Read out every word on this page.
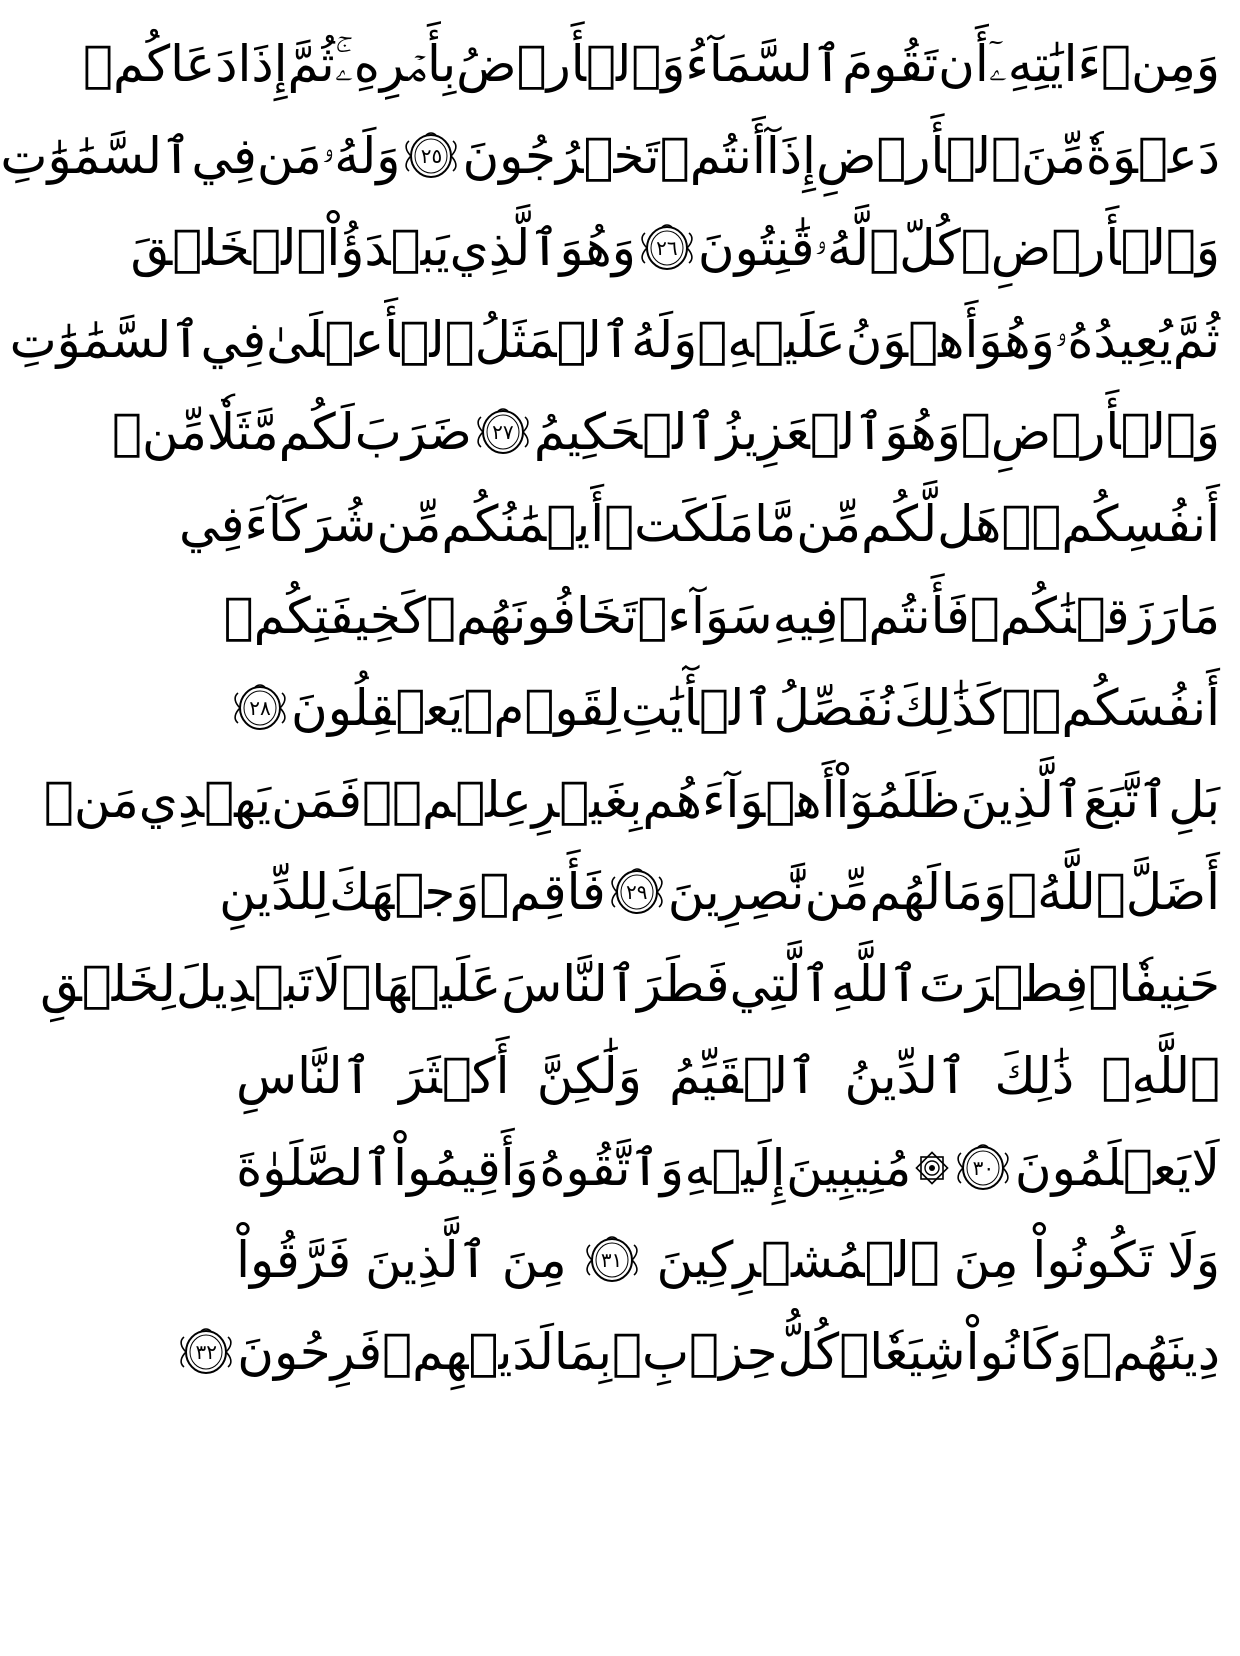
وَمِنۡ
ءَايَٰتِهِۦٓ
أَن
تَقُومَ
ٱلسَّمَآءُ
وَٱلۡأَرۡضُ
بِأَمۡرِهِۦۚ
ثُمَّ
إِذَا
دَعَاكُمۡ
دَعۡوَةٗ
مِّنَ
ٱلۡأَرۡضِ
إِذَآ
أَنتُمۡ
تَخۡرُجُونَ
٢٥
وَلَهُۥ
مَن
فِي
ٱلسَّمَٰوَٰتِ
وَٱلۡأَرۡضِۖ
كُلّٞ
لَّهُۥ
قَٰنِتُونَ
٢٦
وَهُوَ
ٱلَّذِي
يَبۡدَؤُاْ
ٱلۡخَلۡقَ
ثُمَّ
يُعِيدُهُۥ
وَهُوَ
أَهۡوَنُ
عَلَيۡهِۚ
وَلَهُ
ٱلۡمَثَلُ
ٱلۡأَعۡلَىٰ
فِي
ٱلسَّمَٰوَٰتِ
وَٱلۡأَرۡضِۚ
وَهُوَ
ٱلۡعَزِيزُ
ٱلۡحَكِيمُ
٢٧
ضَرَبَ
لَكُم
مَّثَلٗا
مِّنۡ
أَنفُسِكُمۡۖ
هَل
لَّكُم
مِّن
مَّا
مَلَكَتۡ
أَيۡمَٰنُكُم
مِّن
شُرَكَآءَ
فِي
مَا
رَزَقۡنَٰكُمۡ
فَأَنتُمۡ
فِيهِ
سَوَآءٞ
تَخَافُونَهُمۡ
كَخِيفَتِكُمۡ
أَنفُسَكُمۡۚ
كَذَٰلِكَ
نُفَصِّلُ
ٱلۡأٓيَٰتِ
لِقَوۡمٖ
يَعۡقِلُونَ
٢٨
بَلِ
ٱتَّبَعَ
ٱلَّذِينَ
ظَلَمُوٓاْ
أَهۡوَآءَهُم
بِغَيۡرِ
عِلۡمٖۖ
فَمَن
يَهۡدِي
مَنۡ
أَضَلَّ
ٱللَّهُۖ
وَمَا
لَهُم
مِّن
نَّٰصِرِينَ
٢٩
فَأَقِمۡ
وَجۡهَكَ
لِلدِّينِ
حَنِيفٗاۚ
فِطۡرَتَ
ٱللَّهِ
ٱلَّتِي
فَطَرَ
ٱلنَّاسَ
عَلَيۡهَاۚ
لَا
تَبۡدِيلَ
لِخَلۡقِ
ٱللَّهِۚ
ذَٰلِكَ
ٱلدِّينُ
ٱلۡقَيِّمُ
وَلَٰكِنَّ
أَكۡثَرَ
ٱلنَّاسِ
لَا
يَعۡلَمُونَ
٣٠
مُنِيبِينَ
إِلَيۡهِ
وَٱتَّقُوهُ
وَأَقِيمُواْ
ٱلصَّلَوٰةَ
وَلَا
تَكُونُواْ
مِنَ
ٱلۡمُشۡرِكِينَ
٣١
مِنَ
ٱلَّذِينَ
فَرَّقُواْ
دِينَهُمۡ
وَكَانُواْ
شِيَعٗاۖ
كُلُّ
حِزۡبِۭ
بِمَا
لَدَيۡهِمۡ
فَرِحُونَ
٣٢
